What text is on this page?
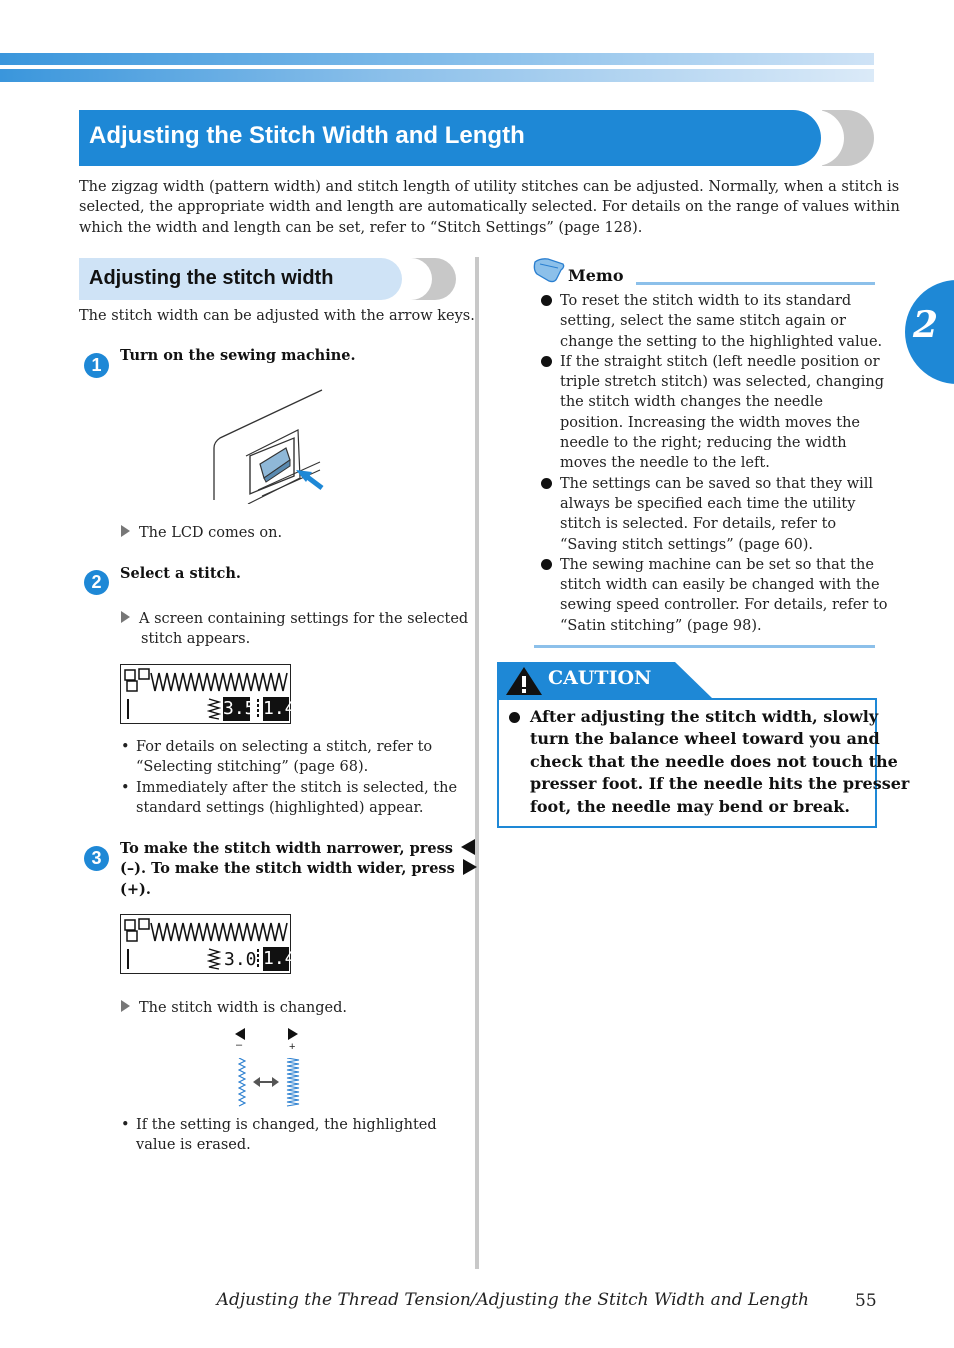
2
Adjusting the Stitch Width and Length
The zigzag width (pattern width) and stitch length of utility stitches can be adjusted. Normally, when a stitch is
selected, the appropriate width and length are automatically selected. For details on the range of values within
which the width and length can be set, refer to “Stitch Settings” (page 128).
Adjusting the stitch width
The stitch width can be adjusted with the arrow keys.
1	Turn on the sewing machine.
The LCD comes on.
2	Select a stitch.
A screen containing settings for the selected
stitch appears.
3.5 1.4
• For details on selecting a stitch, refer to
“Selecting stitching” (page 68).
• Immediately after the stitch is selected, the
standard settings (highlighted) appear.
3	To make the stitch width narrower, press
(–). To make the stitch width wider, press
(+).
3.0 1.4
The stitch width is changed.
–	+
• If the setting is changed, the highlighted
value is erased.
Memo
To reset the stitch width to its standard
setting, select the same stitch again or
change the setting to the highlighted value.
If the straight stitch (left needle position or
triple stretch stitch) was selected, changing
the stitch width changes the needle
position. Increasing the width moves the
needle to the right; reducing the width
moves the needle to the left.
The settings can be saved so that they will
always be specified each time the utility
stitch is selected. For details, refer to
“Saving stitch settings” (page 60).
The sewing machine can be set so that the
stitch width can easily be changed with the
sewing speed controller. For details, refer to
“Satin stitching” (page 98).
CAUTION
After adjusting the stitch width, slowly
turn the balance wheel toward you and
check that the needle does not touch the
presser foot. If the needle hits the presser
foot, the needle may bend or break.
Adjusting the Thread Tension/Adjusting the Stitch Width and Length	55
